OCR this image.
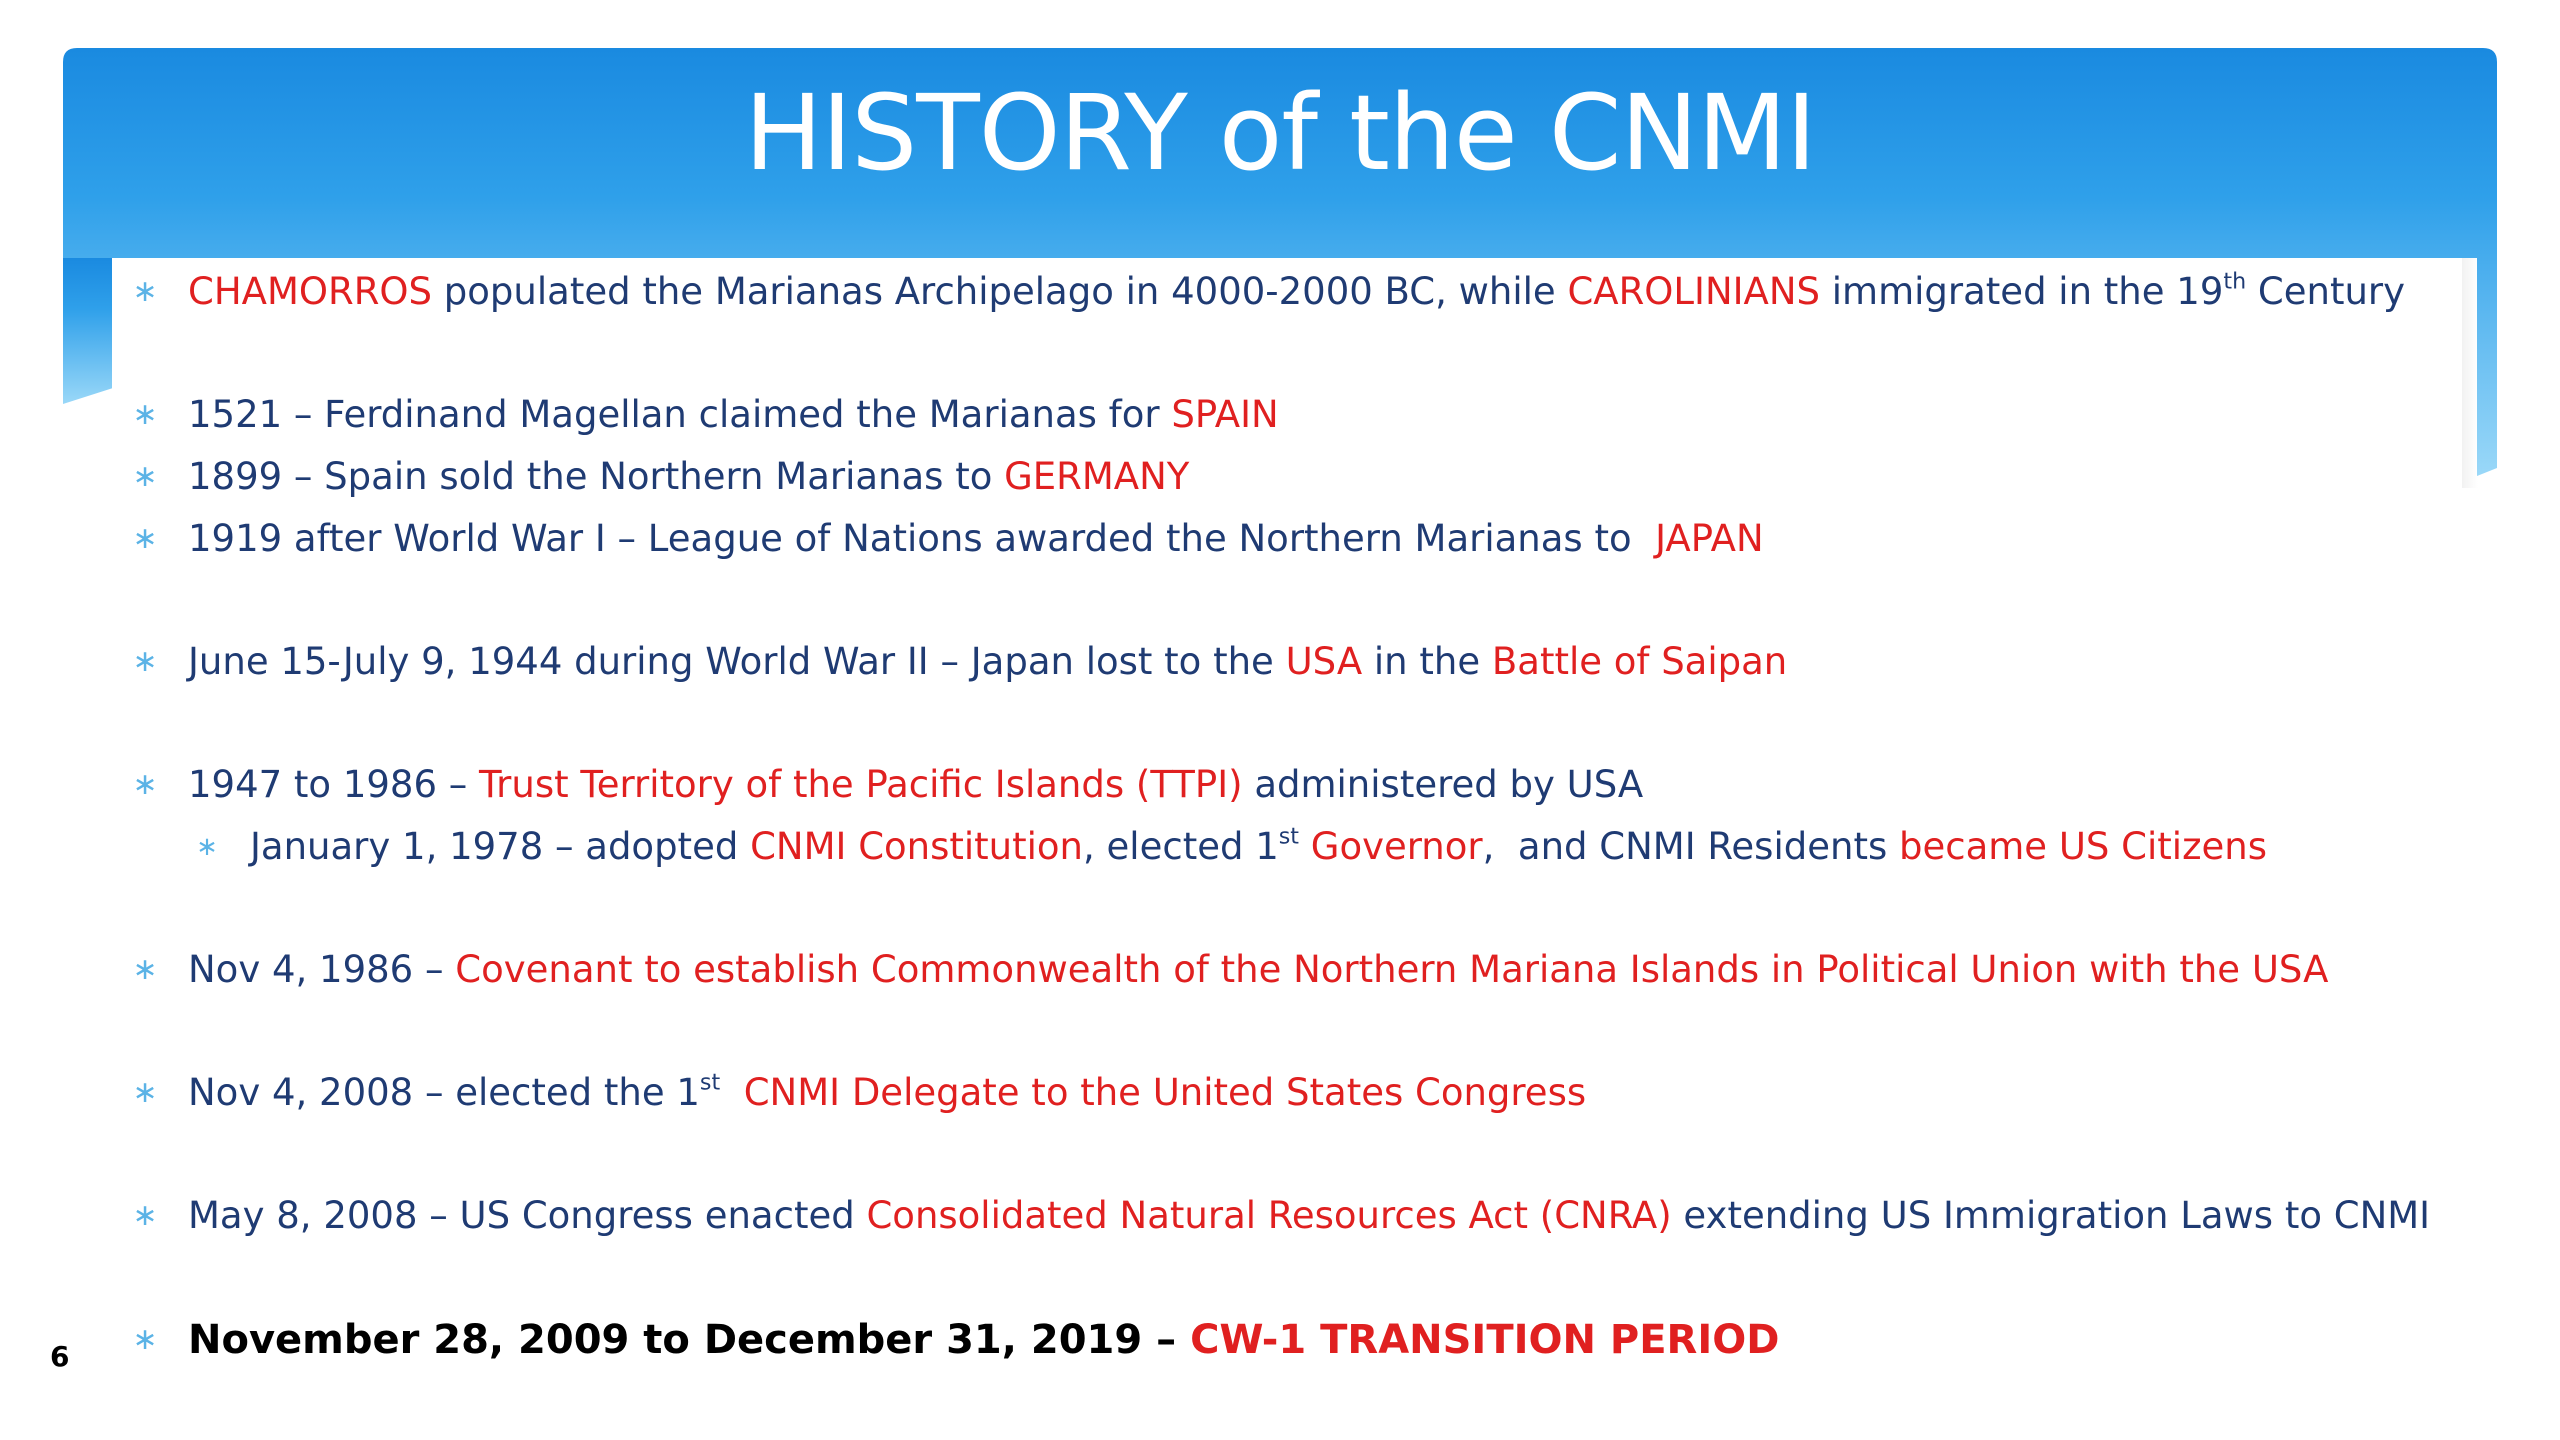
HISTORY of the CNMI
∗ CHAMORROS populated the Marianas Archipelago in 4000-2000 BC, while CAROLINIANS immigrated in the 19th Century
∗ 1521 – Ferdinand Magellan claimed the Marianas for SPAIN
∗ 1899 – Spain sold the Northern Marianas to GERMANY
∗ 1919 after World War I – League of Nations awarded the Northern Marianas to  JAPAN
∗ June 15-July 9, 1944 during World War II – Japan lost to the USA in the Battle of Saipan
∗ 1947 to 1986 – Trust Territory of the Pacific Islands (TTPI) administered by USA
∗ January 1, 1978 – adopted CNMI Constitution, elected 1st Governor,  and CNMI Residents became US Citizens
∗ Nov 4, 1986 – Covenant to establish Commonwealth of the Northern Mariana Islands in Political Union with the USA
∗ Nov 4, 2008 – elected the 1st  CNMI Delegate to the United States Congress
∗ May 8, 2008 – US Congress enacted Consolidated Natural Resources Act (CNRA) extending US Immigration Laws to CNMI
∗ November 28, 2009 to December 31, 2019 – CW-1 TRANSITION PERIOD
6
